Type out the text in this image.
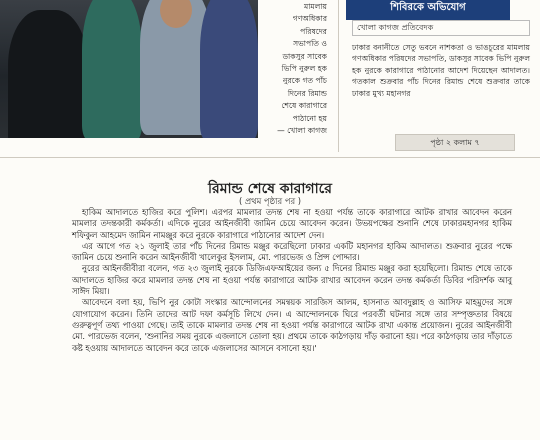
মামলায়
গণঅধিকার
পরিষদের
সভাপতি ও
ডাকসুর সাবেক
ভিপি নুরুল হক
নুরকে গত পাঁচ
দিনের রিমান্ড
শেষে কারাগারে
পাঠানো হয়
— খোলা কাগজ
শিবিরকে অভিযোগ
খোলা কাগজ প্রতিবেদক
ঢাকার বনানীতে সেতু ভবনে নাশকতা ও ভাঙচুরের মামলায় গণঅধিকার পরিষদের সভাপতি, ডাকসুর সাবেক ভিপি নুরুল হক নুরকে কারাগারে পাঠানোর আদেশ দিয়েছেন আদালত। গতকাল শুক্রবার পাঁচ দিনের রিমান্ড শেষে শুক্রবার তাকে ঢাকার মুখ্য মহানগর
পৃষ্ঠা ২ কলাম ৭
রিমান্ড শেষে কারাগারে
( প্রথম পৃষ্ঠার পর )

হাকিম আদালতে হাজির করে পুলিশ। এরপর মামলার তদন্ত শেষ না হওয়া পর্যন্ত তাকে কারাগারে আটক রাখার আবেদন করেন মামলার তদন্তকারী কর্মকর্তা। এদিকে নুরের আইনজীবী জামিন চেয়ে আবেদন করেন। উভয়পক্ষের শুনানি শেষে ঢাকারমহানগর হাকিম শফিকুল আহমেদ জামিন নামঞ্জুর করে নুরকে কারাগারে পাঠানোর আদেশ দেন।

এর আগে গত ২১ জুলাই তার পাঁচ দিনের রিমান্ড মঞ্জুর করেছিলো ঢাকার একটি মহানগর হাকিম আদালত। শুক্রবার নুরের পক্ষে জামিন চেয়ে শুনানি করেন আইনজীবী খালেকুর ইসলাম, মো. পারভেজ ও প্রিন্স পোদ্দার।

নুরের আইনজীবীরা বলেন, গত ২৩ জুলাই নুরকে ডিজিএফআইয়ের জন্য ৫ দিনের রিমান্ড মঞ্জুর করা হয়েছিলো। রিমান্ড শেষে তাকে আদালতে হাজির করে মামলার তদন্ত শেষ না হওয়া পর্যন্ত কারাগারে আটক রাখার আবেদন করেন তদন্ত কর্মকর্তা ডিবির পরিদর্শক আবু সাঈদ মিয়া।

আবেদনে বলা হয়, ভিপি নুর কোটা সংস্কার আন্দোলনের সমন্বয়ক সারজিস আলম, হাসনাত আবদুল্লাহ ও আসিফ মাহমুদের সঙ্গে যোগাযোগ করেন। তিনি তাদের আট দফা কর্মসূচি লিখে দেন। এ আন্দোলনকে ঘিরে পরবর্তী ঘটনার সঙ্গে তার সম্পৃক্ততার বিষয়ে গুরুত্বপূর্ণ তথ্য পাওয়া গেছে। তাই তাকে মামলার তদন্ত শেষ না হওয়া পর্যন্ত কারাগারে আটক রাখা একান্ত প্রয়োজন। নুরের আইনজীবী মো. পারভেজ বলেন, 'শুনানির সময় নুরকে এজলাসে তোলা হয়। প্রথমে তাকে কাঠগড়ায় দাঁড় করানো হয়। পরে কাঠগড়ায় তার দাঁড়াতে কষ্ট হওয়ায় আদালতে আবেদন করে তাকে এজলাসের আসনে বসানো হয়।'
